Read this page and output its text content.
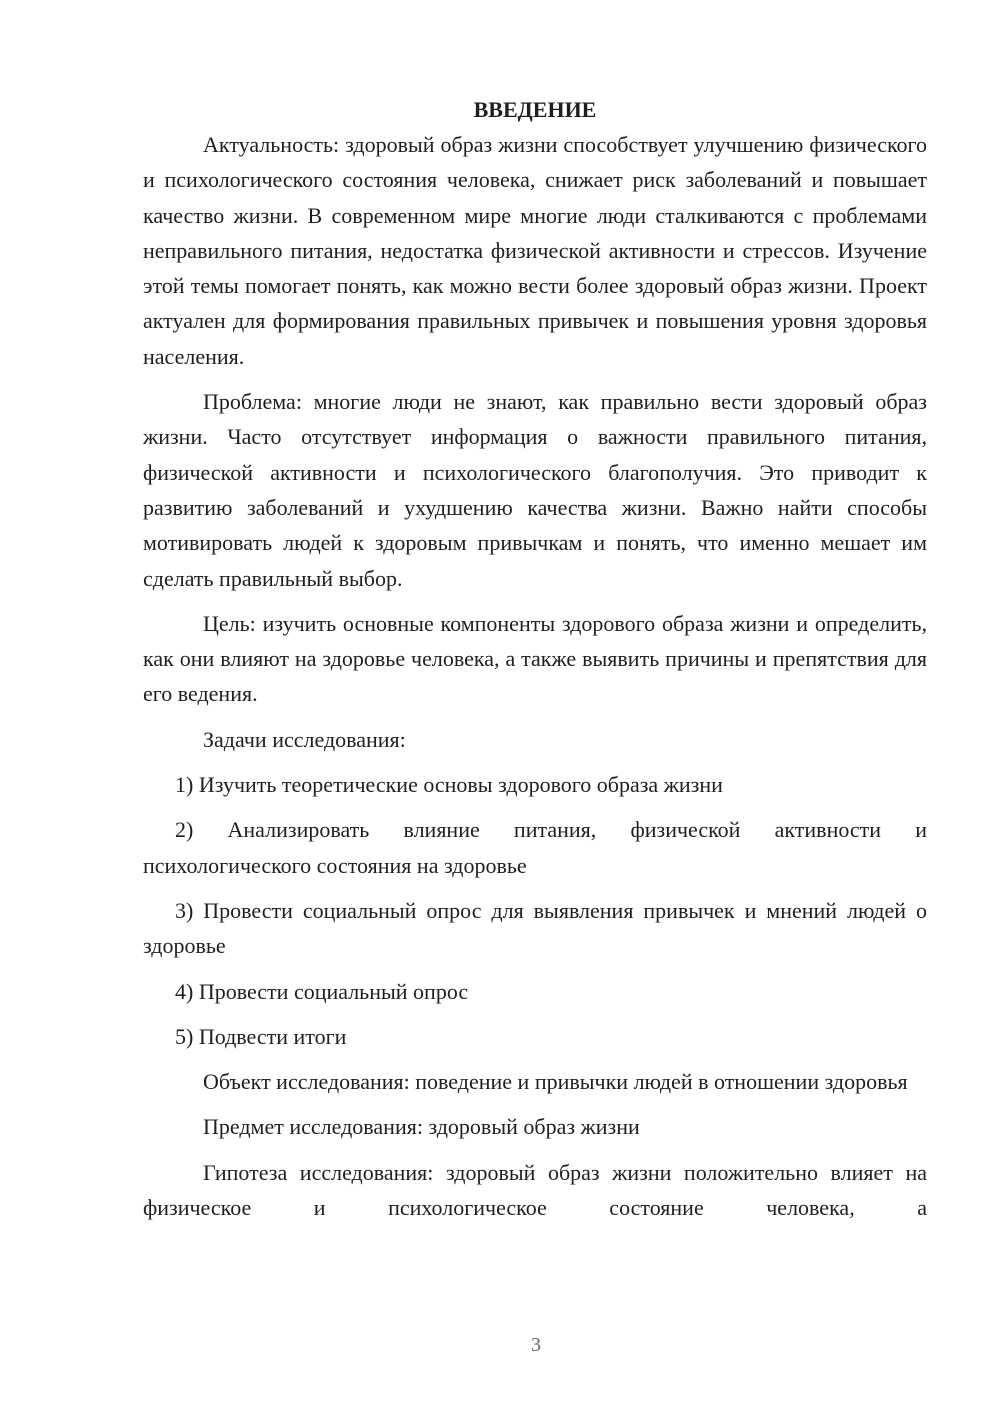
ВВЕДЕНИЕ

Актуальность: здоровый образ жизни способствует улучшению физического и психологического состояния человека, снижает риск заболеваний и повышает качество жизни. В современном мире многие люди сталкиваются с проблемами неправильного питания, недостатка физической активности и стрессов. Изучение этой темы помогает понять, как можно вести более здоровый образ жизни. Проект актуален для формирования правильных привычек и повышения уровня здоровья населения.

Проблема: многие люди не знают, как правильно вести здоровый образ жизни. Часто отсутствует информация о важности правильного питания, физической активности и психологического благополучия. Это приводит к развитию заболеваний и ухудшению качества жизни. Важно найти способы мотивировать людей к здоровым привычкам и понять, что именно мешает им сделать правильный выбор.

Цель: изучить основные компоненты здорового образа жизни и определить, как они влияют на здоровье человека, а также выявить причины и препятствия для его ведения.

Задачи исследования:

1) Изучить теоретические основы здорового образа жизни

2) Анализировать влияние питания, физической активности и психологического состояния на здоровье

3) Провести социальный опрос для выявления привычек и мнений людей о здоровье

4) Провести социальный опрос

5) Подвести итоги

Объект исследования: поведение и привычки людей в отношении здоровья

Предмет исследования: здоровый образ жизни

Гипотеза исследования: здоровый образ жизни положительно влияет на физическое и психологическое состояние человека, а

3
